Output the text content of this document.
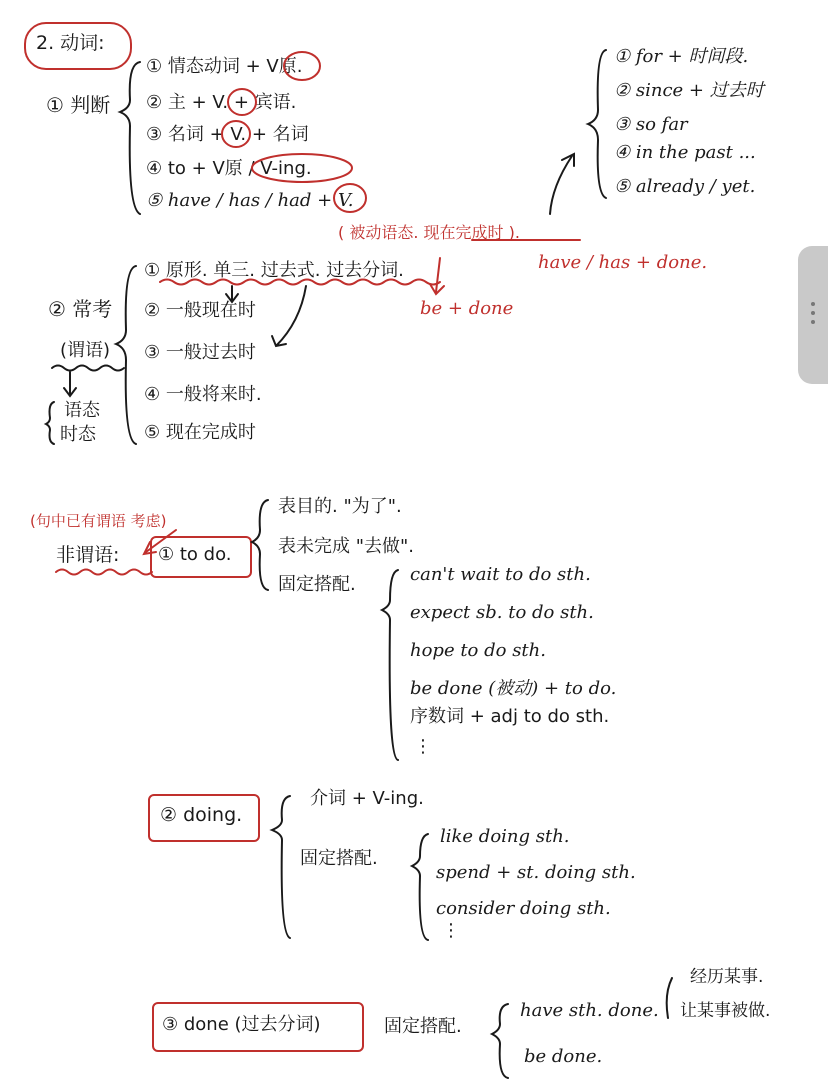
2. 动词:
① 判断
① 情态动词 + V原.
② 主 + V. + 宾语.
③ 名词 + V. + 名词
④ to + V原 / V-ing.
⑤ have / has / had + V.
① for + 时间段.
② since + 过去时
③ so far
④ in the past ...
⑤ already / yet.
( 被动语态. 现在完成时 ).
have / has + done.
be + done
② 常考
(谓语)
语态
时态
① 原形. 单三. 过去式. 过去分词.
② 一般现在时
③ 一般过去时
④ 一般将来时.
⑤ 现在完成时
(句中已有谓语 考虑)
非谓语: ① to do.
表目的. "为了".
表未完成 "去做".
固定搭配.	can't wait to do sth.
expect sb. to do sth.
hope to do sth.
be done (被动) + to do.
序数词 + adj to do sth.
⋮
② doing.
介词 + V-ing.
固定搭配.
like doing sth.
spend + st. doing sth.
consider doing sth.
⋮
③ done (过去分词)	固定搭配.
have sth. done.
be done.
经历某事.
让某事被做.
